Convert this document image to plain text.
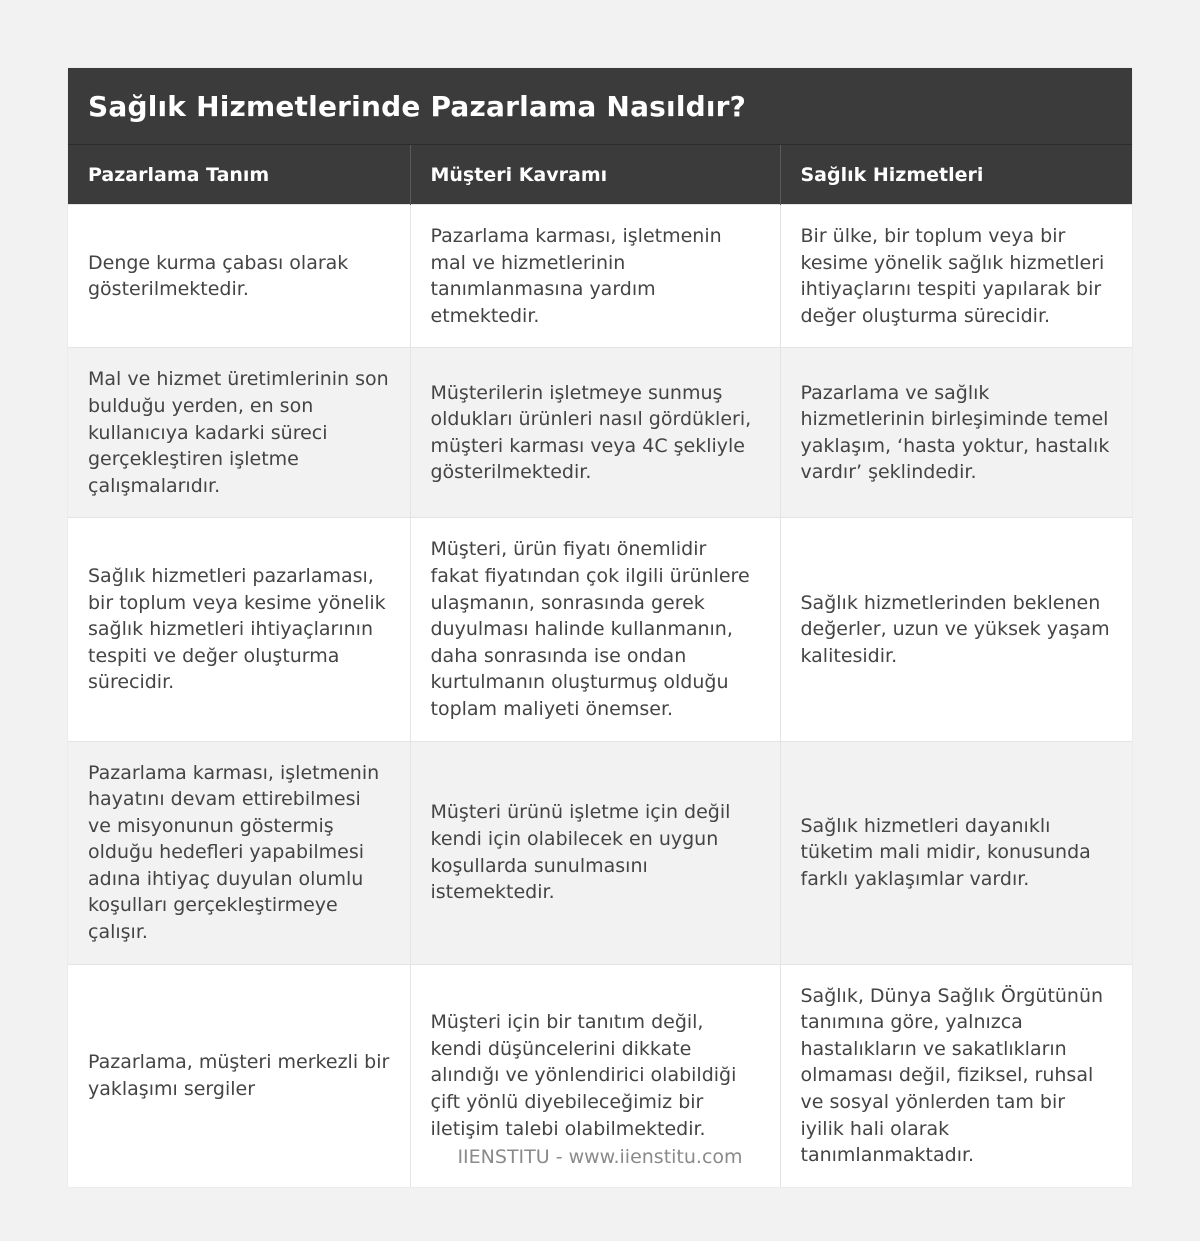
Sağlık Hizmetlerinde Pazarlama Nasıldır?
Pazarlama Tanım	Müşteri Kavramı	Sağlık Hizmetleri
Denge kurma çabası olarak gösterilmektedir.	Pazarlama karması, işletmenin mal ve hizmetlerinin tanımlanmasına yardım etmektedir.	Bir ülke, bir toplum veya bir kesime yönelik sağlık hizmetleri ihtiyaçlarını tespiti yapılarak bir değer oluşturma sürecidir.
Mal ve hizmet üretimlerinin son bulduğu yerden, en son kullanıcıya kadarki süreci gerçekleştiren işletme çalışmalarıdır.	Müşterilerin işletmeye sunmuş oldukları ürünleri nasıl gördükleri, müşteri karması veya 4C şekliyle gösterilmektedir.	Pazarlama ve sağlık hizmetlerinin birleşiminde temel yaklaşım, ‘hasta yoktur, hastalık vardır’ şeklindedir.
Sağlık hizmetleri pazarlaması, bir toplum veya kesime yönelik sağlık hizmetleri ihtiyaçlarının tespiti ve değer oluşturma sürecidir.	Müşteri, ürün fiyatı önemlidir fakat fiyatından çok ilgili ürünlere ulaşmanın, sonrasında gerek duyulması halinde kullanmanın, daha sonrasında ise ondan kurtulmanın oluşturmuş olduğu toplam maliyeti önemser.	Sağlık hizmetlerinden beklenen değerler, uzun ve yüksek yaşam kalitesidir.
Pazarlama karması, işletmenin hayatını devam ettirebilmesi ve misyonunun göstermiş olduğu hedefleri yapabilmesi adına ihtiyaç duyulan olumlu koşulları gerçekleştirmeye çalışır.	Müşteri ürünü işletme için değil kendi için olabilecek en uygun koşullarda sunulmasını istemektedir.	Sağlık hizmetleri dayanıklı tüketim mali midir, konusunda farklı yaklaşımlar vardır.
Pazarlama, müşteri merkezli bir yaklaşımı sergiler	Müşteri için bir tanıtım değil, kendi düşüncelerini dikkate alındığı ve yönlendirici olabildiği çift yönlü diyebileceğimiz bir iletişim talebi olabilmektedir.	Sağlık, Dünya Sağlık Örgütünün tanımına göre, yalnızca hastalıkların ve sakatlıkların olmaması değil, fiziksel, ruhsal ve sosyal yönlerden tam bir iyilik hali olarak tanımlanmaktadır.
IIENSTITU - www.iienstitu.com
